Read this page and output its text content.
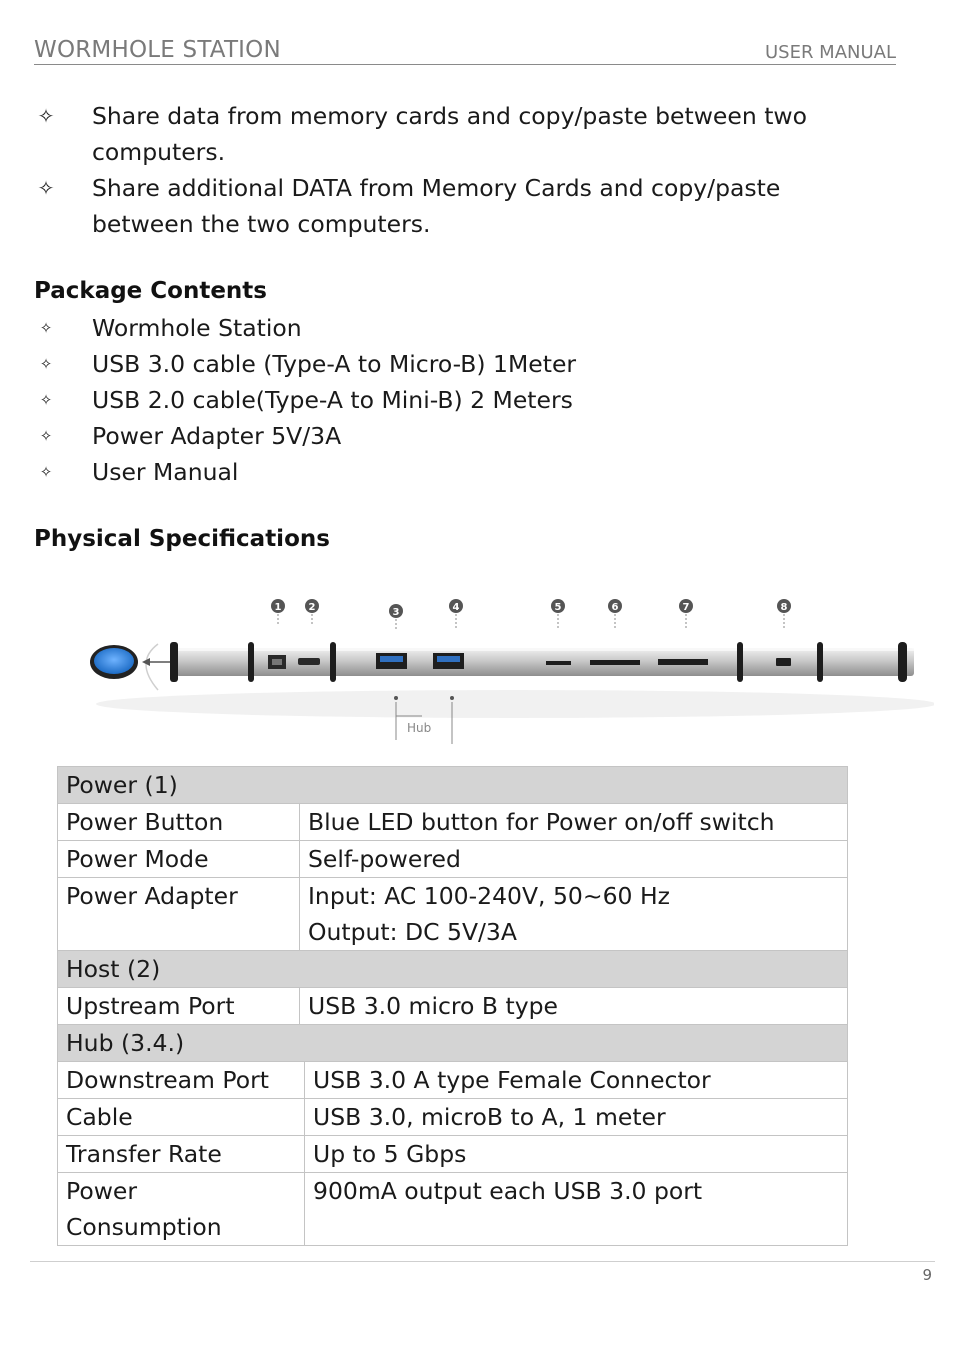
WORMHOLE STATION	USER MANUAL
✧ Share data from memory cards and copy/paste between two
computers.
✧ Share additional DATA from Memory Cards and copy/paste
between the two computers.
Package Contents
✧ Wormhole Station
✧ USB 3.0 cable (Type-A to Micro-B) 1Meter
✧ USB 2.0 cable(Type-A to Mini-B) 2 Meters
✧ Power Adapter 5V/3A
✧ User Manual
Physical Specifications
1	2	3	4	5	6	7	8
Hub
Power (1)	
Power Button	Blue LED button for Power on/off switch
Power Mode	Self-powered
Power Adapter	Input: AC 100-240V, 50~60 Hz
Output: DC 5V/3A
Host (2)	
Upstream Port	USB 3.0 micro B type
Hub (3.4.)	
Downstream Port	USB 3.0 A type Female Connector
Cable	USB 3.0, microB to A, 1 meter
Transfer Rate	Up to 5 Gbps
Power
Consumption	900mA output each USB 3.0 port
9
